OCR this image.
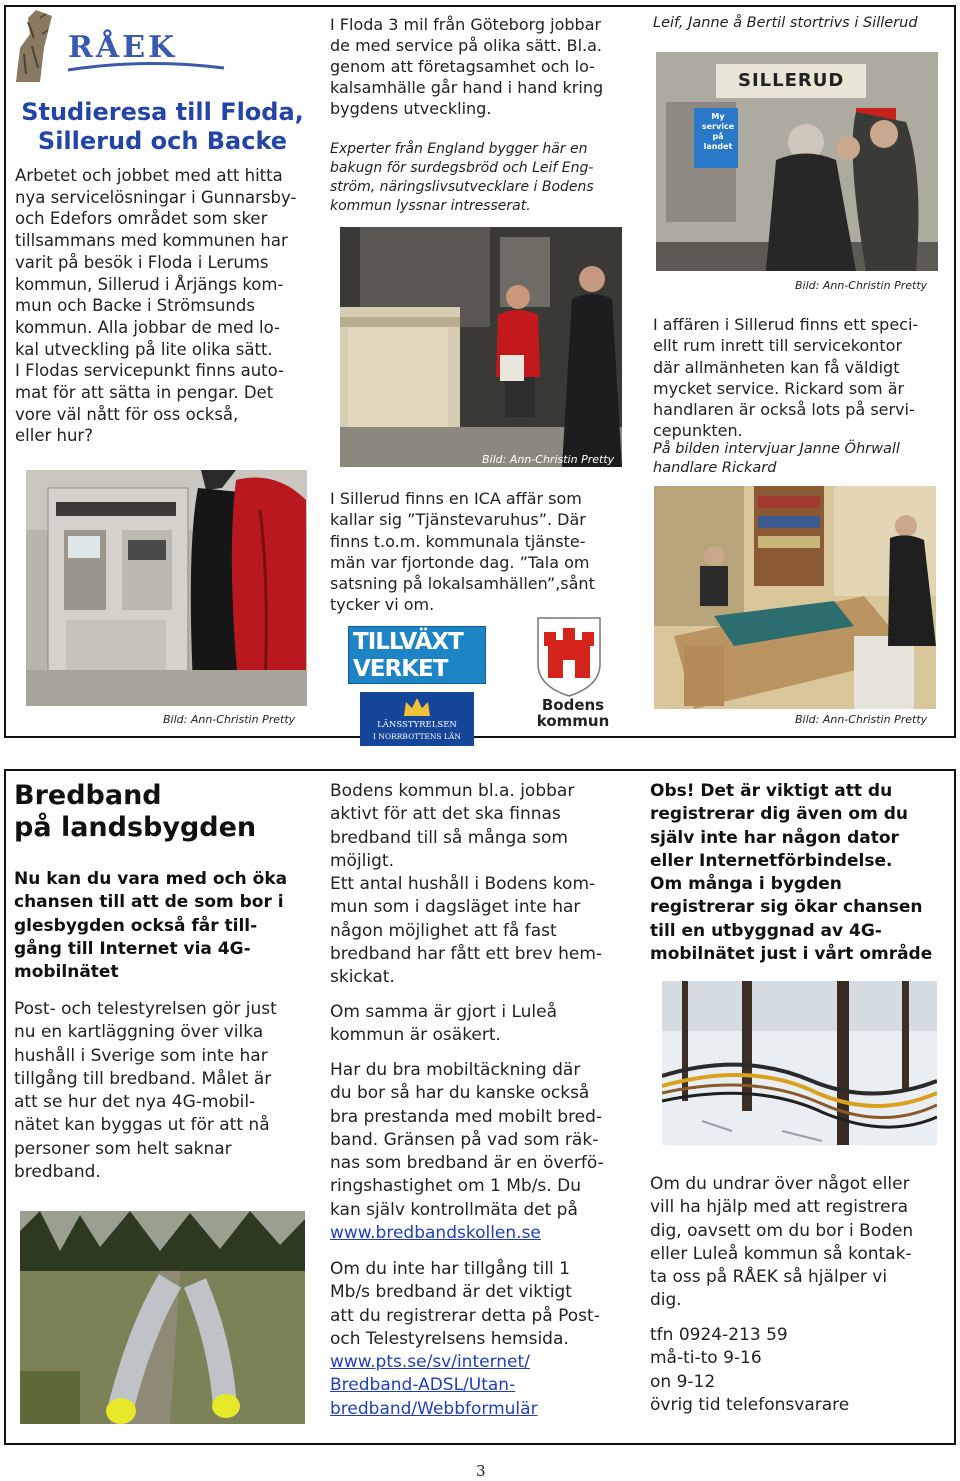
RÅEK
Studieresa till Floda,
Sillerud och Backe
Arbetet och jobbet med att hitta
nya servicelösningar i Gunnarsby-
och Edefors området som sker
tillsammans med kommunen har
varit på besök i Floda i Lerums
kommun, Sillerud i Årjängs kom-
mun och Backe i Strömsunds
kommun. Alla jobbar de med lo-
kal utveckling på lite olika sätt.
I Flodas servicepunkt finns auto-
mat för att sätta in pengar. Det
vore väl nått för oss också,
eller hur?
Bild: Ann-Christin Pretty
I Floda 3 mil från Göteborg jobbar
de med service på olika sätt. Bl.a.
genom att företagsamhet och lo-
kalsamhälle går hand i hand kring
bygdens utveckling.
Experter från England bygger här en
bakugn för surdegsbröd och Leif Eng-
ström, näringslivsutvecklare i Bodens
kommun lyssnar intresserat.
Bild: Ann-Christin Pretty
I Sillerud finns en ICA affär som
kallar sig ”Tjänstevaruhus”. Där
finns t.o.m. kommunala tjänste-
män var fjortonde dag. ”Tala om
satsning på lokalsamhällen”,sånt
tycker vi om.
TILLVÄXT
VERKET
LÄNSSTYRELSEN
I NORRBOTTENS LÄN
Bodens
kommun
Leif, Janne å Bertil stortrivs i Sillerud
SILLERUD
My
service
på
landet
Bild: Ann-Christin Pretty
I affären i Sillerud finns ett speci-
ellt rum inrett till servicekontor
där allmänheten kan få väldigt
mycket service. Rickard som är
handlaren är också lots på servi-
cepunkten.
På bilden intervjuar Janne Öhrwall
handlare Rickard
Bild: Ann-Christin Pretty
Bredband
på landsbygden
Nu kan du vara med och öka
chansen till att de som bor i
glesbygden också får till-
gång till Internet via 4G-
mobilnätet
Post- och telestyrelsen gör just
nu en kartläggning över vilka
hushåll i Sverige som inte har
tillgång till bredband. Målet är
att se hur det nya 4G-mobil-
nätet kan byggas ut för att nå
personer som helt saknar
bredband.
Bodens kommun bl.a. jobbar
aktivt för att det ska finnas
bredband till så många som
möjligt.
Ett antal hushåll i Bodens kom-
mun som i dagsläget inte har
någon möjlighet att få fast
bredband har fått ett brev hem-
skickat.
Om samma är gjort i Luleå
kommun är osäkert.
Har du bra mobiltäckning där
du bor så har du kanske också
bra prestanda med mobilt bred-
band. Gränsen på vad som räk-
nas som bredband är en överfö-
ringshastighet om 1 Mb/s. Du
kan själv kontrollmäta det på
www.bredbandskollen.se
Om du inte har tillgång till 1
Mb/s bredband är det viktigt
att du registrerar detta på Post-
och Telestyrelsens hemsida.
www.pts.se/sv/internet/
Bredband-ADSL/Utan-
bredband/Webbformulär
Obs! Det är viktigt att du
registrerar dig även om du
själv inte har någon dator
eller Internetförbindelse.
Om många i bygden
registrerar sig ökar chansen
till en utbyggnad av 4G-
mobilnätet just i vårt område
Om du undrar över något eller
vill ha hjälp med att registrera
dig, oavsett om du bor i Boden
eller Luleå kommun så kontak-
ta oss på RÅEK så hjälper vi
dig.
tfn 0924-213 59
må-ti-to 9-16
on 9-12
övrig tid telefonsvarare
3
